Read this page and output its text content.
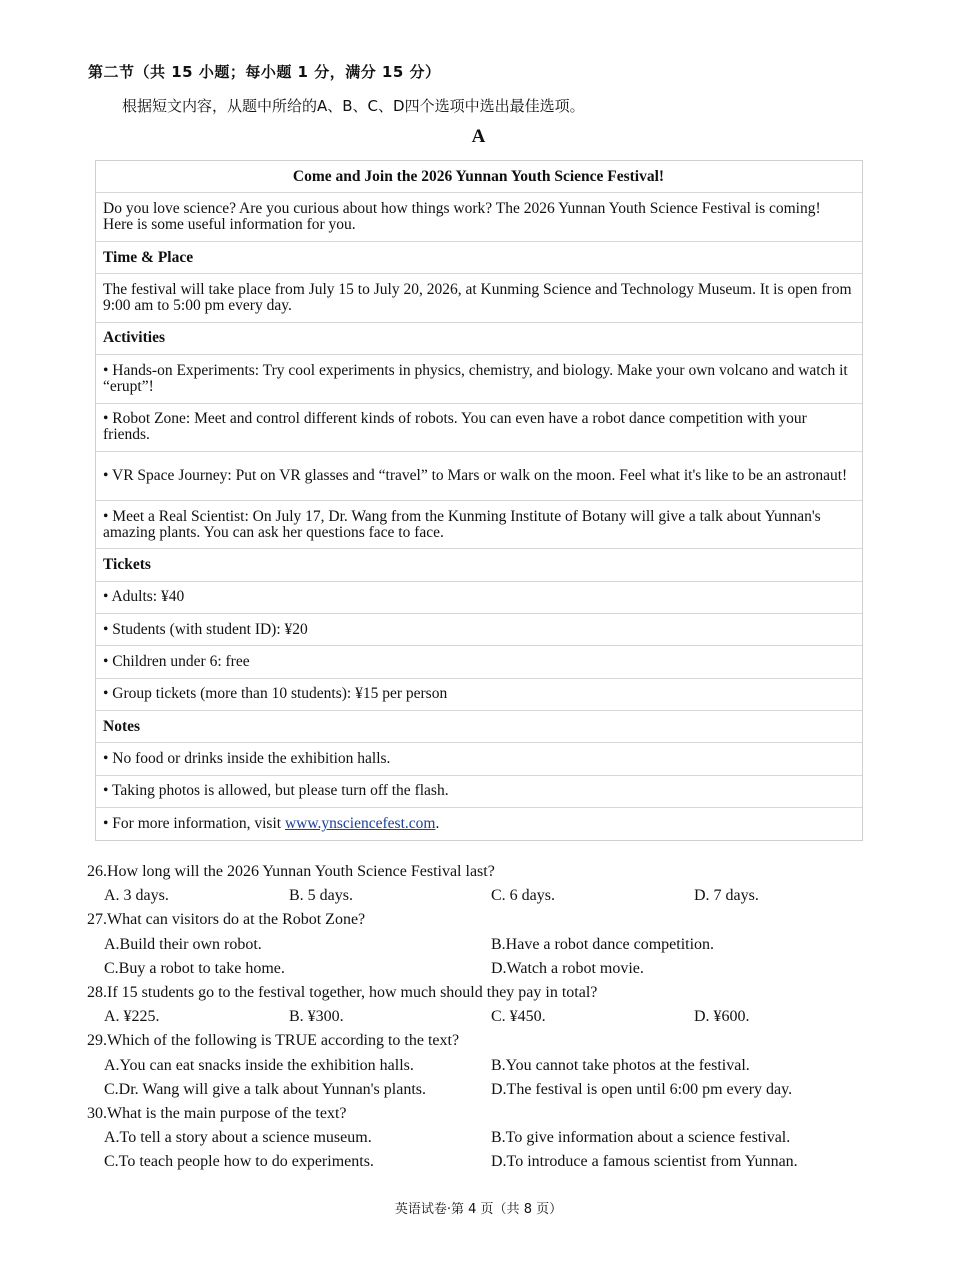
第二节（共 15 小题；每小题 1 分，满分 15 分）
根据短文内容，从题中所给的A、B、C、D四个选项中选出最佳选项。
A
Come and Join the 2026 Yunnan Youth Science Festival!
Do you love science? Are you curious about how things work? The 2026 Yunnan Youth Science Festival is coming! Here is some useful information for you.
Time & Place
The festival will take place from July 15 to July 20, 2026, at Kunming Science and Technology Museum. It is open from 9:00 am to 5:00 pm every day.
Activities
• Hands-on Experiments: Try cool experiments in physics, chemistry, and biology. Make your own volcano and watch it “erupt”!
• Robot Zone: Meet and control different kinds of robots. You can even have a robot dance competition with your friends.
• VR Space Journey: Put on VR glasses and “travel” to Mars or walk on the moon. Feel what it's like to be an astronaut!
• Meet a Real Scientist: On July 17, Dr. Wang from the Kunming Institute of Botany will give a talk about Yunnan's amazing plants. You can ask her questions face to face.
Tickets
• Adults: ¥40
• Students (with student ID): ¥20
• Children under 6: free
• Group tickets (more than 10 students): ¥15 per person
Notes
• No food or drinks inside the exhibition halls.
• Taking photos is allowed, but please turn off the flash.
• For more information, visit www.ynsciencefest.com.
26.How long will the 2026 Yunnan Youth Science Festival last?
A. 3 days.	B. 5 days.	C. 6 days.	D. 7 days.
27.What can visitors do at the Robot Zone?
A.Build their own robot.	B.Have a robot dance competition.
C.Buy a robot to take home.	D.Watch a robot movie.
28.If 15 students go to the festival together, how much should they pay in total?
A. ¥225.	B. ¥300.	C. ¥450.	D. ¥600.
29.Which of the following is TRUE according to the text?
A.You can eat snacks inside the exhibition halls.	B.You cannot take photos at the festival.
C.Dr. Wang will give a talk about Yunnan's plants.	D.The festival is open until 6:00 pm every day.
30.What is the main purpose of the text?
A.To tell a story about a science museum.	B.To give information about a science festival.
C.To teach people how to do experiments.	D.To introduce a famous scientist from Yunnan.
英语试卷·第 4 页（共 8 页）
